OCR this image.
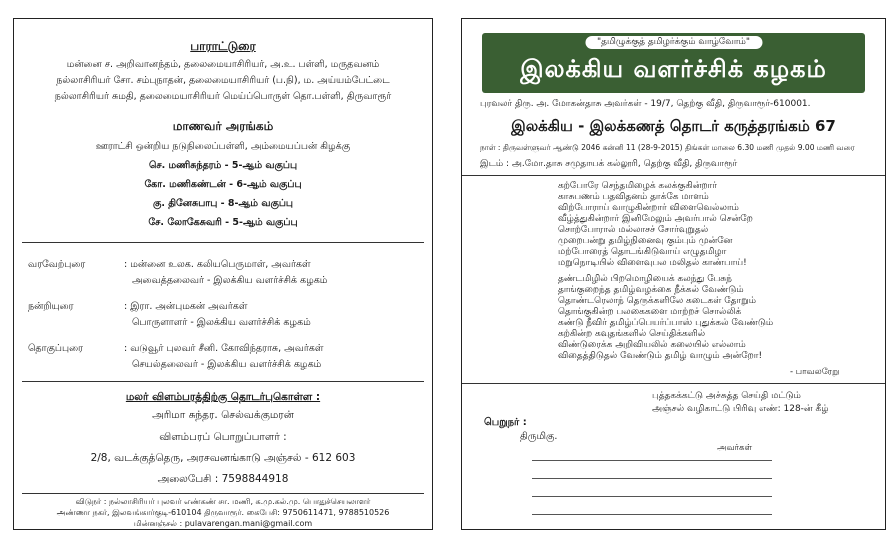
பாராட்டுரை
மன்னை ச. அறிவானந்தம், தலைமையாசிரியர், அ.உ. பள்ளி, மருதவனம்
நல்லாசிரியர் சோ. சம்புநாதன், தலைமையாசிரியர் (ப.நி), ம. அய்யம்பேட்டை
நல்லாசிரியர் சுமதி, தலைமையாசிரியர் மெய்ப்பொருள் தொ.பள்ளி, திருவாரூர்
மாணவர் அரங்கம்
ஊராட்சி ஒன்றிய நடுநிலைப்பள்ளி, அம்மையப்பன் கிழக்கு
செ. மணிசுந்தரம் - 5-ஆம் வகுப்பு
கோ. மணிகண்டன் - 6-ஆம் வகுப்பு
கு. தினேசுபாபு - 8-ஆம் வகுப்பு
சே. லோகேசுவரி - 5-ஆம் வகுப்பு
வரவேற்புரை	: மன்னை உலக. கலியபெருமாள், அவர்கள்
அவைத்தலைவர் - இலக்கிய வளர்ச்சிக் கழகம்
நன்றியுரை	: இரா. அன்புமகன் அவர்கள்
பொருளாளர் - இலக்கிய வளர்ச்சிக் கழகம்
தொகுப்புரை	: வடுவூர் புலவர் சீனி. கோவிந்தராசு, அவர்கள்
செயல்தலைவர் - இலக்கிய வளர்ச்சிக் கழகம்
மலர் விளம்பரத்திற்கு தொடர்புகொள்ள :
அரிமா சுந்தர. செல்வக்குமரன்
விளம்பரப் பொறுப்பாளர் :
2/8, வடக்குத்தெரு, அரசவனங்காடு அஞ்சல் - 612 603
அலைபேசி : 7598844918
விடுநர் : நல்லாசிரியர் புலவர் எண்கண் சா. மணி, க.மு.கல்.மு. பொதுச்செயலாளர்
அண்ணா நகர், இலவங்கார்குடி-610104 திருவாரூர். கைபேசி: 9750611471, 9788510526
மின்னஞ்சல் : pulavarengan.mani@gmail.com
"தமிழுக்குத் தமிழர்க்கும் வாழ்வோம்"
இலக்கிய வளர்ச்சிக் கழகம்
புரவலர் திரு. அ. மோகன்தாசு அவர்கள் - 19/7, தெற்கு வீதி, திருவாரூர்-610001.
இலக்கிய - இலக்கணத் தொடர் கருத்தரங்கம் 67
நாள் : திருவள்ளுவர் ஆண்டு 2046 கன்னி 11 (28-9-2015) திங்கள் மாலை 6.30 மணி முதல் 9.00 மணி வரை
இடம் : அ.மோ.தாசு சமுதாயக் கல்லூரி, தெற்கு வீதி, திருவாரூர்
கற்போரே செந்தமிழைக் கலக்குகின்றார்
காசுபணம் பதவிதனம் தாக்கே மாளம்
விற்போராய் வாழுகின்றார் விளைவெல்லாம்
வீழ்த்துகின்றார் இனிமேலும் அவர்பால் சென்றே
சொற்போரால் மல்லாசச் சோர்வுறுதல்
முறைபன்று தமிழ்நினைவு கும்பும் முன்னே
மற்போரைத் தொடங்கிடுவாய் எழுதமிழா
மறுநொடியில் விளைவுபல மலிதல் காண்பாய்!
தண்டமிழில் பிறமொழியைக் கலந்து பேசுந்
தாங்குறைந்த தமிழ்வழக்கை நீக்கல் வேண்டும்
தொண்டரெலாந் தெருக்களிலே கடைகள் தோறும்
தொங்குகின்ற பலகைகளை மாற்றச் சொல்லிக்
கண்டு நீவிர் தமிழ்ப்பெயர்ப்பாஸ் புதுக்கல் வேண்டும்
கற்கின்ற கவுதங்களில் செய்திக்களில்
விண்டுரைக்க அறிவியலில் கலையில் எல்லாம்
விதைத்திடுதல் வேண்டும் தமிழ் வாழும் அன்றோ!
- பாவலரேறு
புத்தகக்கட்டு அச்சுத்த செய்தி மட்டும்
அஞ்சல் வழிகாட்டு பிரிவு எண்: 128-ன் கீழ்
பெறுநர் :
திருமிகு.
அவர்கள்
